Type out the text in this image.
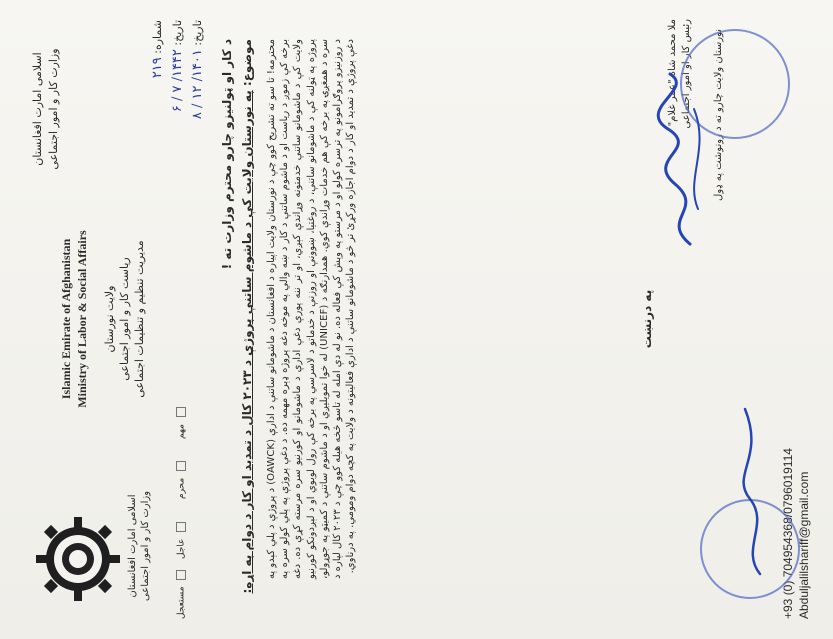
اسلامی امارت افغانستان وزارت کار و امور اجتماعی
Islamic Emirate of Afghanistan Ministry of Labor & Social Affairs
اسلامی امارت افغانستان وزارت کار و امور اجتماعی
ولایت نورستان ریاست کار و امور اجتماعی مدیریت تنظیم و تنظیمات اجتماعی
شماره: ۲۱۹
تاریخ: ۱۴۴۲/ ۷ / ۶
تاریخ: ۱۴۰۱/ ۱۲ / ۸
مستعجل
عاجل
محرم
مهم
د کار او ټولنیزو چارو محترم وزارت ته ! موضوع: په نورستان ولایت کې د ماشوم ساتنې پروژې د ۲۰۲۳ کال د تمدید او کار د دوام په اړه:
محترمه! تا سو ته تشریح کوو چې د نورستان ولایت اپیاره د افغانستان د ماشومانو ساتنې د ادارې (OAWCK) د پروژې د پلي کېدو په برخه کې زموږ د ریاست او د ماشوم ساتنې د کار د ښه والي په موخه دغه پروژه ډېره مهمه ده. د دغې پروژې په پلي کولو سره په ولایت کې د ماشومانو ساتنې خدمتونه وړاندې کېږي، او تر ننه پورې دغې ادارې د ماشومانو او کورنیو سره مرسته کړې ده. دغه پروژه په ټولنه کې د ماشومانو ساتنې، د روغتیا، ښوونې او روزنې د خدماتو د لاسرسي په برخه کې رول لوبوي او د لېږدونکو کورنیو سره د همغږۍ په برخه کې هم خدمات وړاندې کوي. همدارنګه د (UNICEF) له خوا تمویلیږي او د ماشوم ساتنې د کمیټو په جوړولو، د روزنیزو پروګرامونو په ترسره کولو او د مرستو په وېش کې فعاله ده. نو له دې امله له تاسو څخه هیله کوو چې د ۲۰۲۳ کال لپاره د دغې پروژې د تمدید او کار د دوام اجازه ورکړئ تر څو د ماشومانو ساتنې د ادارې فعالیتونه د ولایت په کچه دوام ومومي. په درناوي.	په درنښت
ملا محمد شاه "عمر غلام" رئیس کار او امور اجتماعی نورستان ولایت چارو ته د رونوشت په ډول
+93 (0) 704954368/0796019114 Abduljalilshariff@gmail.com
